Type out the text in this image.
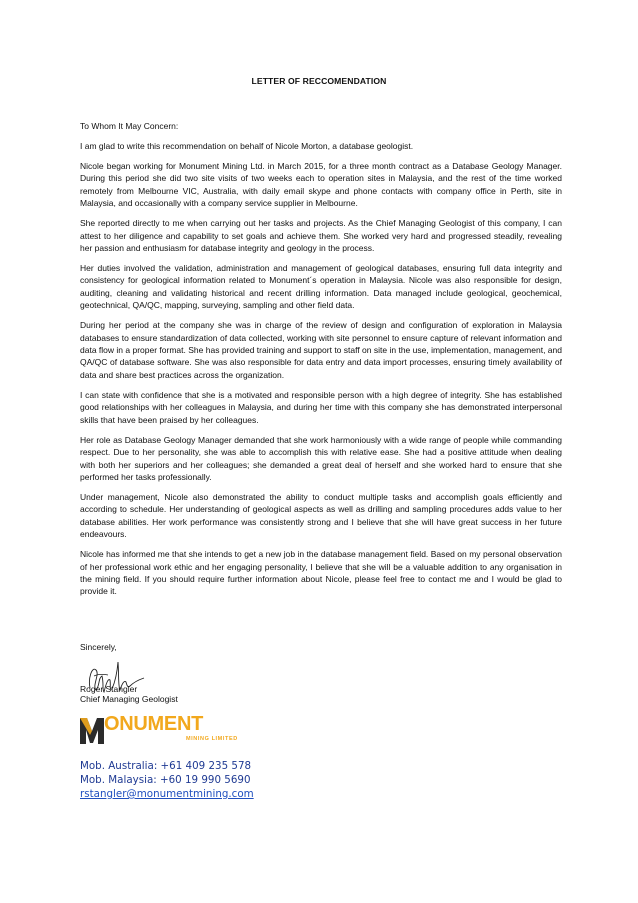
LETTER OF RECCOMENDATION

To Whom It May Concern:

I am glad to write this recommendation on behalf of Nicole Morton, a database geologist.

Nicole began working for Monument Mining Ltd. in March 2015, for a three month contract as a Database Geology Manager. During this period she did two site visits of two weeks each to operation sites in Malaysia, and the rest of the time worked remotely from Melbourne VIC, Australia, with daily email skype and phone contacts with company office in Perth, site in Malaysia, and occasionally with a company service supplier in Melbourne.

She reported directly to me when carrying out her tasks and projects. As the Chief Managing Geologist of this company, I can attest to her diligence and capability to set goals and achieve them. She worked very hard and progressed steadily, revealing her passion and enthusiasm for database integrity and geology in the process.

Her duties involved the validation, administration and management of geological databases, ensuring full data integrity and consistency for geological information related to Monument´s operation in Malaysia. Nicole was also responsible for design, auditing, cleaning and validating historical and recent drilling information. Data managed include geological, geochemical, geotechnical, QA/QC, mapping, surveying, sampling and other field data.

During her period at the company she was in charge of the review of design and configuration of exploration in Malaysia databases to ensure standardization of data collected, working with site personnel to ensure capture of relevant information and data flow in a proper format. She has provided training and support to staff on site in the use, implementation, management, and QA/QC of database software. She was also responsible for data entry and data import processes, ensuring timely availability of data and share best practices across the organization.

I can state with confidence that she is a motivated and responsible person with a high degree of integrity. She has established good relationships with her colleagues in Malaysia, and during her time with this company she has demonstrated interpersonal skills that have been praised by her colleagues.

Her role as Database Geology Manager demanded that she work harmoniously with a wide range of people while commanding respect. Due to her personality, she was able to accomplish this with relative ease. She had a positive attitude when dealing with both her superiors and her colleagues; she demanded a great deal of herself and she worked hard to ensure that she performed her tasks professionally.

Under management, Nicole also demonstrated the ability to conduct multiple tasks and accomplish goals efficiently and according to schedule. Her understanding of geological aspects as well as drilling and sampling procedures adds value to her database abilities. Her work performance was consistently strong and I believe that she will have great success in her future endeavours.

Nicole has informed me that she intends to get a new job in the database management field. Based on my personal observation of her professional work ethic and her engaging personality, I believe that she will be a valuable addition to any organisation in the mining field. If you should require further information about Nicole, please feel free to contact me and I would be glad to provide it.

Sincerely,
Roger Stangler
Chief Managing Geologist
ONUMENT
MINING LIMITED
Mob. Australia: +61 409 235 578
Mob. Malaysia: +60 19 990 5690
rstangler@monumentmining.com
